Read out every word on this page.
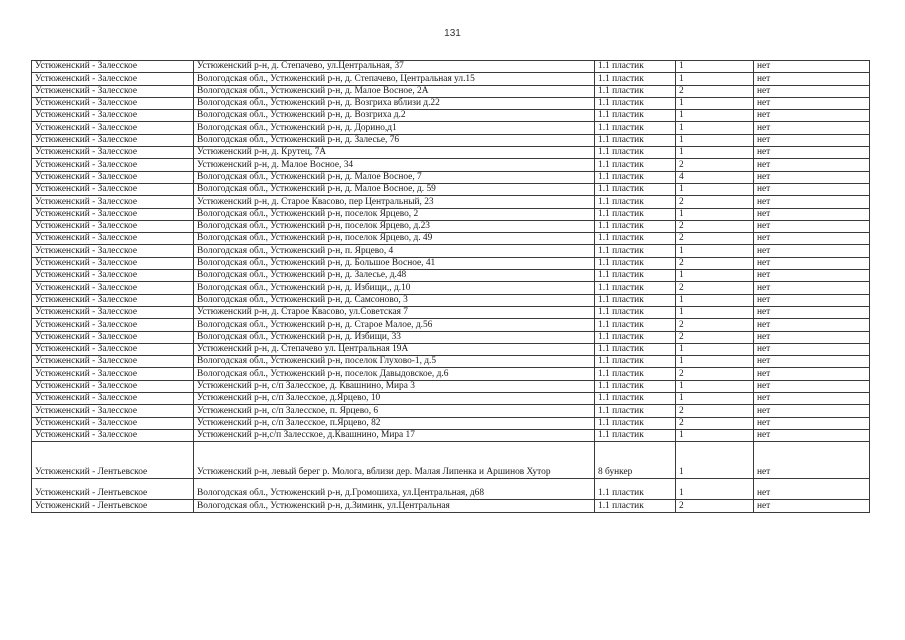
131
Устюженский - Залесское	Устюженский р-н, д. Степачево, ул.Центральная, 37	1.1 пластик	1	нет
Устюженский - Залесское	Вологодская обл., Устюженский р-н, д. Степачево, Центральная ул.15	1.1 пластик	1	нет
Устюженский - Залесское	Вологодская обл., Устюженский р-н, д. Малое Восное, 2А	1.1 пластик	2	нет
Устюженский - Залесское	Вологодская обл., Устюженский р-н, д. Возгриха вблизи д.22	1.1 пластик	1	нет
Устюженский - Залесское	Вологодская обл., Устюженский р-н, д. Возгриха д.2	1.1 пластик	1	нет
Устюженский - Залесское	Вологодская обл., Устюженский р-н, д. Дорино,д1	1.1 пластик	1	нет
Устюженский - Залесское	Вологодская обл., Устюженский р-н, д. Залесье, 76	1.1 пластик	1	нет
Устюженский - Залесское	Устюженский р-н, д. Крутец, 7А	1.1 пластик	1	нет
Устюженский - Залесское	Устюженский р-н, д. Малое Восное, 34	1.1 пластик	2	нет
Устюженский - Залесское	Вологодская обл., Устюженский р-н, д. Малое Восное, 7	1.1 пластик	4	нет
Устюженский - Залесское	Вологодская обл., Устюженский р-н, д. Малое Восное, д. 59	1.1 пластик	1	нет
Устюженский - Залесское	Устюженский р-н, д. Старое Квасово, пер Центральный, 23	1.1 пластик	2	нет
Устюженский - Залесское	Вологодская обл., Устюженский р-н, поселок Ярцево, 2	1.1 пластик	1	нет
Устюженский - Залесское	Вологодская обл., Устюженский р-н, поселок Ярцево, д.23	1.1 пластик	2	нет
Устюженский - Залесское	Вологодская обл., Устюженский р-н, поселок Ярцево, д. 49	1.1 пластик	2	нет
Устюженский - Залесское	Вологодская обл., Устюженский р-н, п. Ярцево, 4	1.1 пластик	1	нет
Устюженский - Залесское	Вологодская обл., Устюженский р-н, д. Большое Восное, 41	1.1 пластик	2	нет
Устюженский - Залесское	Вологодская обл., Устюженский р-н, д. Залесье, д.48	1.1 пластик	1	нет
Устюженский - Залесское	Вологодская обл., Устюженский р-н, д. Избищи,, д.10	1.1 пластик	2	нет
Устюженский - Залесское	Вологодская обл., Устюженский р-н, д. Самсоново, 3	1.1 пластик	1	нет
Устюженский - Залесское	Устюженский р-н, д. Старое Квасово, ул.Советская 7	1.1 пластик	1	нет
Устюженский - Залесское	Вологодская обл., Устюженский р-н, д. Старое Малое, д.56	1.1 пластик	2	нет
Устюженский - Залесское	Вологодская обл., Устюженский р-н, д. Избищи, 33	1.1 пластик	2	нет
Устюженский - Залесское	Устюженский р-н, д. Степачево ул. Центральная 19А	1.1 пластик	1	нет
Устюженский - Залесское	Вологодская обл., Устюженский р-н, поселок Глухово-1, д.5	1.1 пластик	1	нет
Устюженский - Залесское	Вологодская обл., Устюженский р-н, поселок Давыдовское, д.6	1.1 пластик	2	нет
Устюженский - Залесское	Устюженский р-н, с/п Залесское, д. Квашнино, Мира 3	1.1 пластик	1	нет
Устюженский - Залесское	Устюженский р-н, с/п Залесское, д.Ярцево, 10	1.1 пластик	1	нет
Устюженский - Залесское	Устюженский р-н, с/п Залесское, п. Ярцево, 6	1.1 пластик	2	нет
Устюженский - Залесское	Устюженский р-н, с/п Залесское, п.Ярцево, 82	1.1 пластик	2	нет
Устюженский - Залесское	Устюженский р-н,с/п Залесское, д.Квашнино, Мира 17	1.1 пластик	1	нет
Устюженский - Лентьевское	Устюженский р-н, левый берег р. Молога, вблизи дер. Малая Липенка и Аршинов Хутор	8 бункер	1	нет
Устюженский - Лентьевское	Вологодская обл., Устюженский р-н, д.Громошиха, ул.Центральная, д68	1.1 пластик	1	нет
Устюженский - Лентьевское	Вологодская обл., Устюженский р-н, д.Зиминк, ул.Центральная	1.1 пластик	2	нет
